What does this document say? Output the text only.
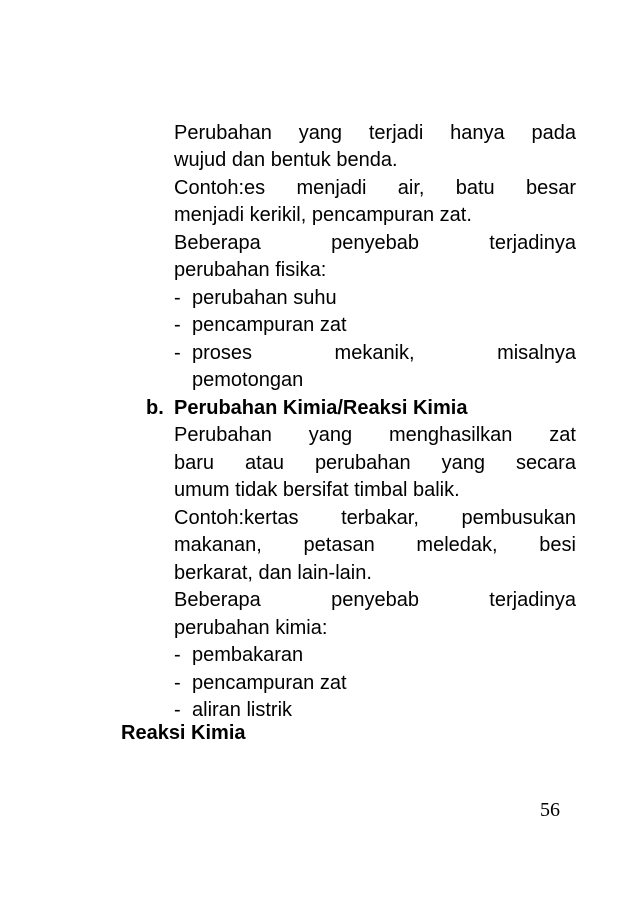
Perubahan yang terjadi hanya pada
wujud dan bentuk benda.
Contoh:es menjadi air, batu besar
menjadi kerikil, pencampuran zat.
Beberapa	penyebab	terjadinya
perubahan fisika:
- perubahan suhu
- pencampuran zat
- proses	mekanik,	misalnya
pemotongan
b. Perubahan Kimia/Reaksi Kimia
Perubahan yang menghasilkan zat
baru atau perubahan yang secara
umum tidak bersifat timbal balik.
Contoh:kertas terbakar, pembusukan
makanan, petasan meledak, besi
berkarat, dan lain-lain.
Beberapa	penyebab	terjadinya
perubahan kimia:
- pembakaran
- pencampuran zat
- aliran listrik
Reaksi Kimia
56
